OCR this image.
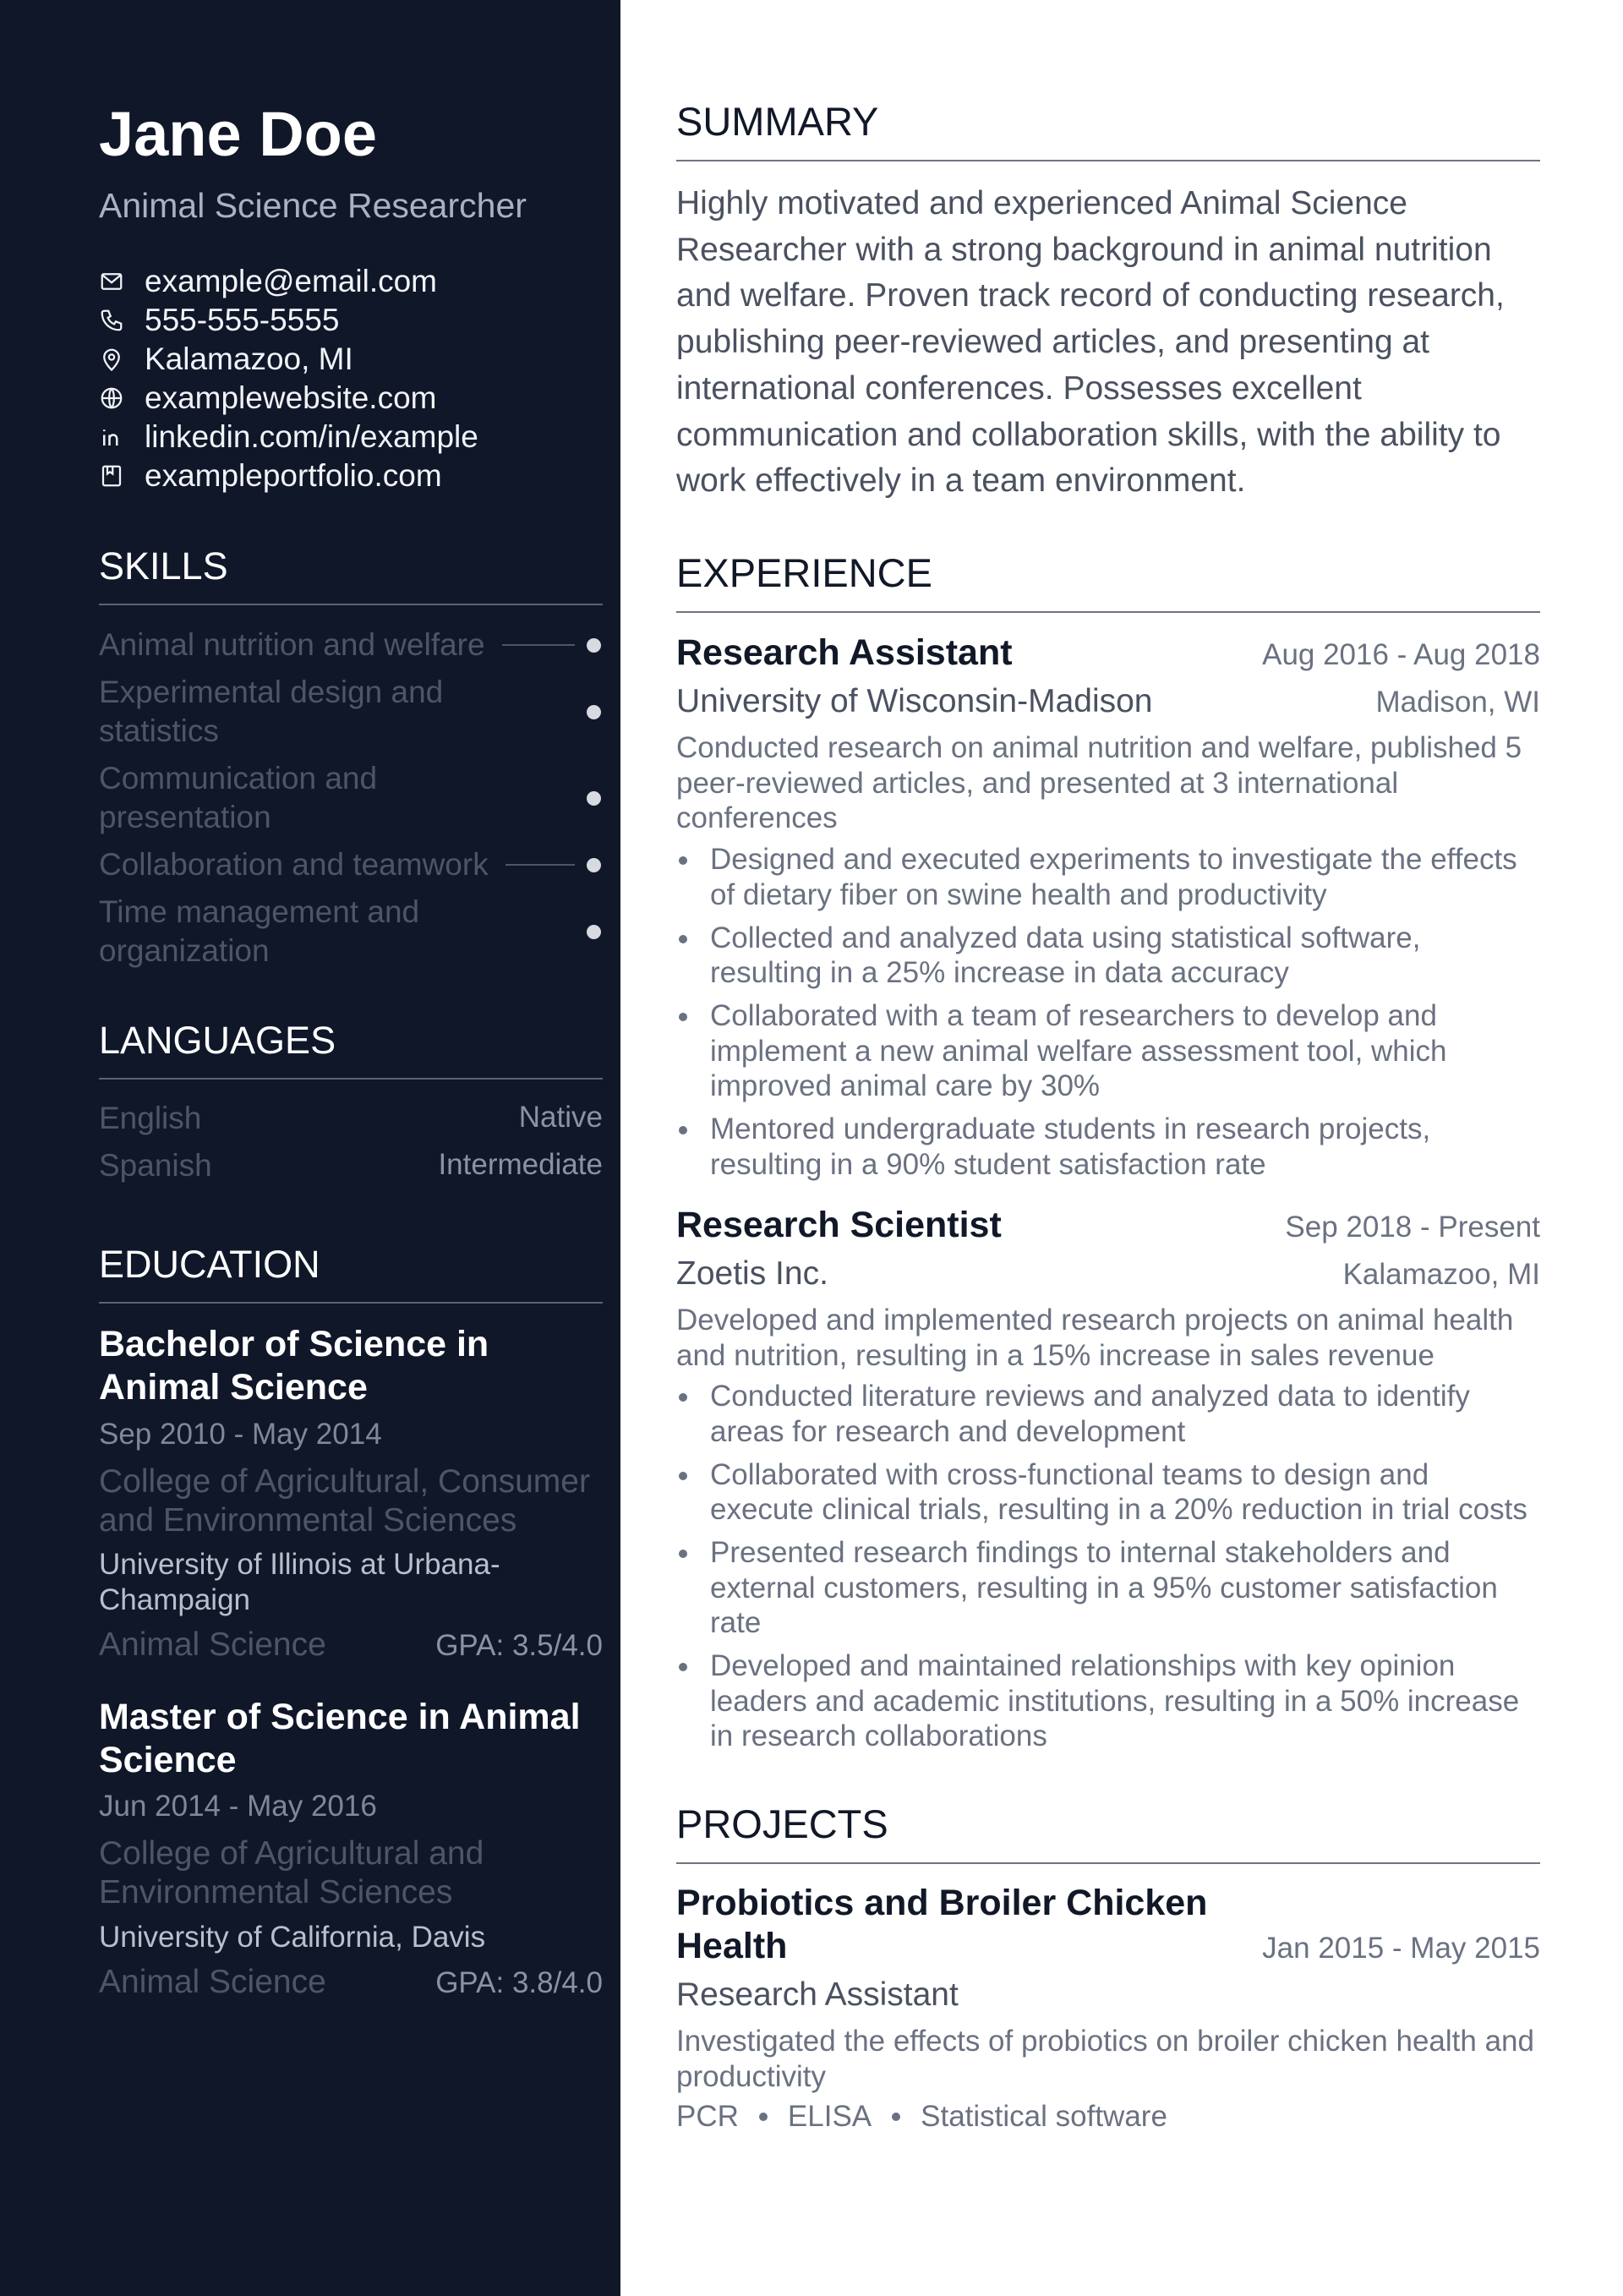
Jane Doe
Animal Science Researcher
example@email.com
555-555-5555
Kalamazoo, MI
examplewebsite.com
linkedin.com/in/example
exampleportfolio.com
SKILLS
Animal nutrition and welfare
Experimental design and statistics
Communication and presentation
Collaboration and teamwork
Time management and organization
LANGUAGES
English	Native
Spanish	Intermediate
EDUCATION
Bachelor of Science in Animal Science
Sep 2010 - May 2014
College of Agricultural, Consumer and Environmental Sciences
University of Illinois at Urbana-Champaign
Animal Science	GPA: 3.5/4.0
Master of Science in Animal Science
Jun 2014 - May 2016
College of Agricultural and Environmental Sciences
University of California, Davis
Animal Science	GPA: 3.8/4.0
SUMMARY

Highly motivated and experienced Animal Science Researcher with a strong background in animal nutrition and welfare. Proven track record of conducting research, publishing peer-reviewed articles, and presenting at international conferences. Possesses excellent communication and collaboration skills, with the ability to work effectively in a team environment.

EXPERIENCE
Research Assistant	Aug 2016 - Aug 2018
University of Wisconsin-Madison	Madison, WI
Conducted research on animal nutrition and welfare, published 5 peer-reviewed articles, and presented at 3 international conferences
Designed and executed experiments to investigate the effects of dietary fiber on swine health and productivity
Collected and analyzed data using statistical software, resulting in a 25% increase in data accuracy
Collaborated with a team of researchers to develop and implement a new animal welfare assessment tool, which improved animal care by 30%
Mentored undergraduate students in research projects, resulting in a 90% student satisfaction rate
Research Scientist	Sep 2018 - Present
Zoetis Inc.	Kalamazoo, MI
Developed and implemented research projects on animal health and nutrition, resulting in a 15% increase in sales revenue
Conducted literature reviews and analyzed data to identify areas for research and development
Collaborated with cross-functional teams to design and execute clinical trials, resulting in a 20% reduction in trial costs
Presented research findings to internal stakeholders and external customers, resulting in a 95% customer satisfaction rate
Developed and maintained relationships with key opinion leaders and academic institutions, resulting in a 50% increase in research collaborations
PROJECTS
Probiotics and Broiler Chicken Health	Jan 2015 - May 2015
Research Assistant
Investigated the effects of probiotics on broiler chicken health and productivity
PCR ELISA Statistical software
